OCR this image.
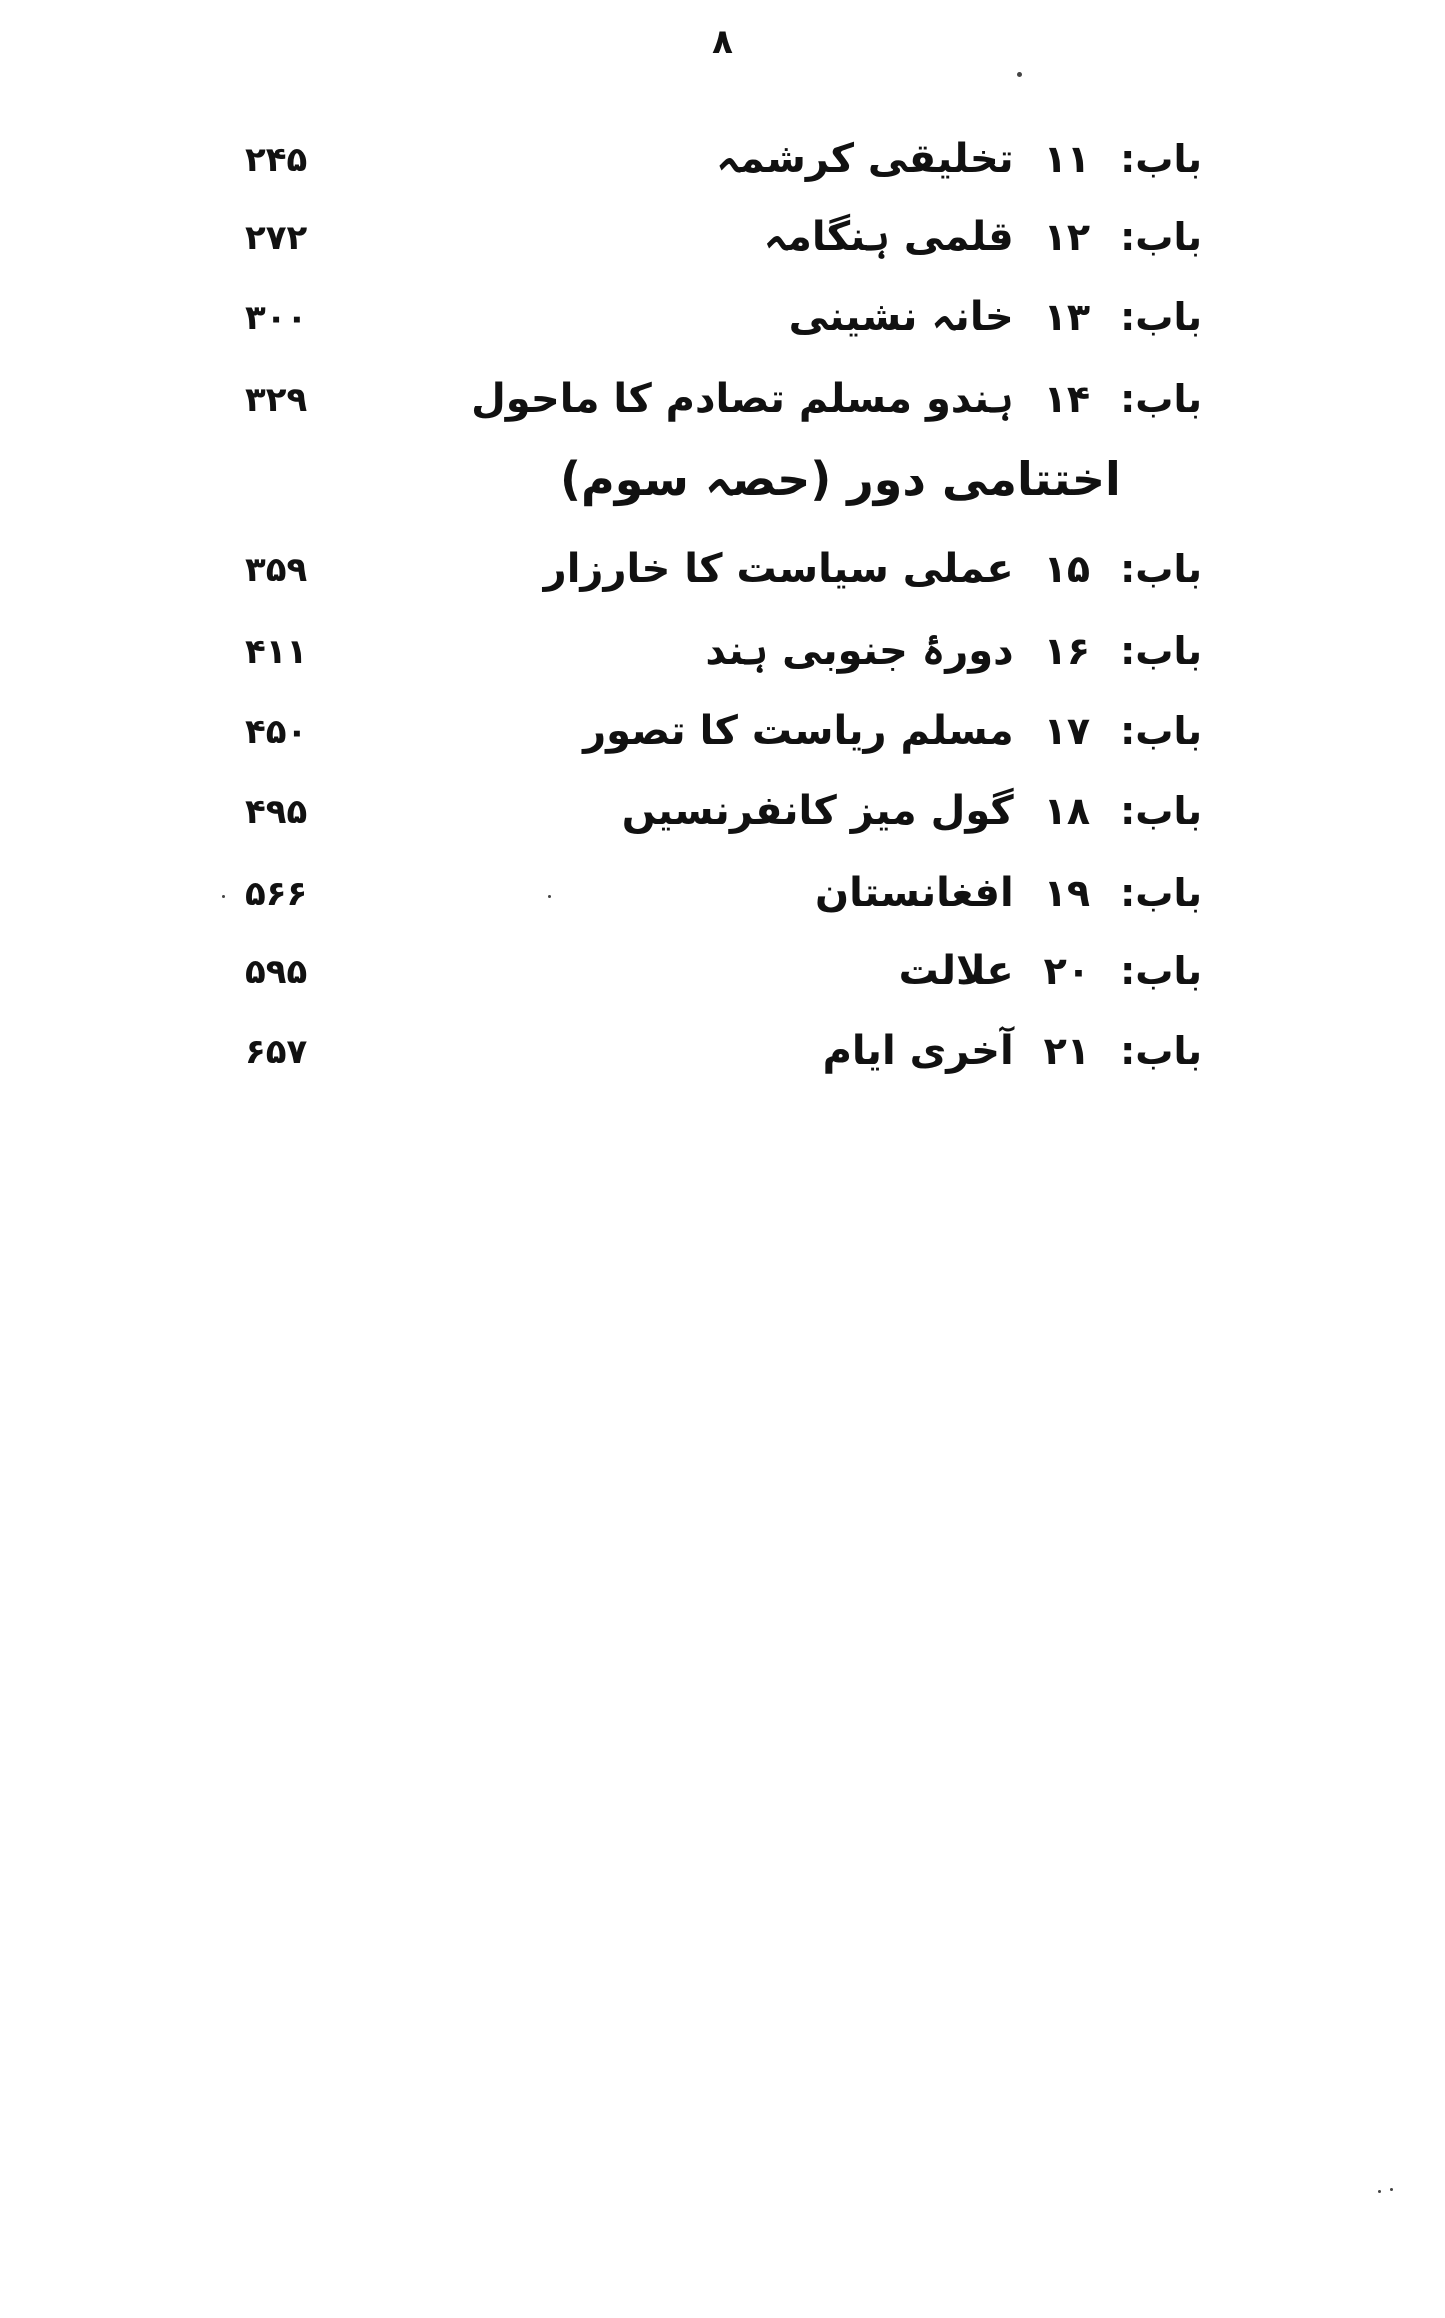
۸
باب:۱۱تخلیقی کرشمہ
۲۴۵
باب:۱۲قلمی ہنگامہ
۲۷۲
باب:۱۳خانہ نشینی
۳۰۰
باب:۱۴ہندو مسلم تصادم کا ماحول
۳۲۹
باب:۱۵عملی سیاست کا خارزار
۳۵۹
باب:۱۶دورۂ جنوبی ہند
۴۱۱
باب:۱۷مسلم ریاست کا تصور
۴۵۰
باب:۱۸گول میز کانفرنسیں
۴۹۵
باب:۱۹افغانستان
۵۶۶
باب:۲۰علالت
۵۹۵
باب:۲۱آخری ایام
۶۵۷
اختتامی دور (حصہ سوم)
